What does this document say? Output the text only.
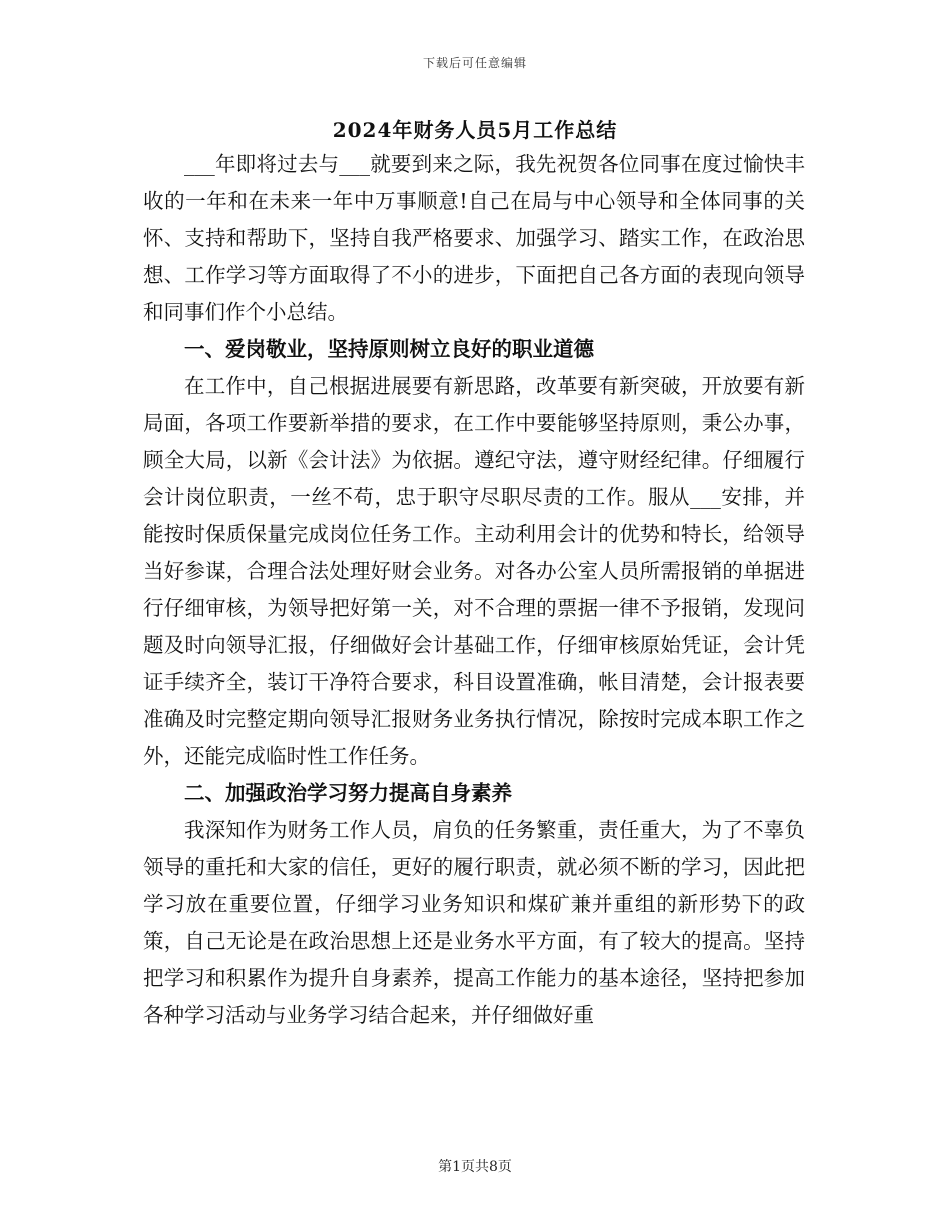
下载后可任意编辑
2024年财务人员5月工作总结

___年即将过去与___就要到来之际，我先祝贺各位同事在度过愉快丰收的一年和在未来一年中万事顺意!自己在局与中心领导和全体同事的关怀、支持和帮助下，坚持自我严格要求、加强学习、踏实工作，在政治思想、工作学习等方面取得了不小的进步，下面把自己各方面的表现向领导和同事们作个小总结。

一、爱岗敬业，坚持原则树立良好的职业道德

在工作中，自己根据进展要有新思路，改革要有新突破，开放要有新局面，各项工作要新举措的要求，在工作中要能够坚持原则，秉公办事，顾全大局，以新《会计法》为依据。遵纪守法，遵守财经纪律。仔细履行会计岗位职责，一丝不苟，忠于职守尽职尽责的工作。服从___安排，并能按时保质保量完成岗位任务工作。主动利用会计的优势和特长，给领导当好参谋，合理合法处理好财会业务。对各办公室人员所需报销的单据进行仔细审核，为领导把好第一关，对不合理的票据一律不予报销，发现问题及时向领导汇报，仔细做好会计基础工作，仔细审核原始凭证，会计凭证手续齐全，装订干净符合要求，科目设置准确，帐目清楚，会计报表要准确及时完整定期向领导汇报财务业务执行情况，除按时完成本职工作之外，还能完成临时性工作任务。

二、加强政治学习努力提高自身素养

我深知作为财务工作人员，肩负的任务繁重，责任重大，为了不辜负领导的重托和大家的信任，更好的履行职责，就必须不断的学习，因此把学习放在重要位置，仔细学习业务知识和煤矿兼并重组的新形势下的政策，自己无论是在政治思想上还是业务水平方面，有了较大的提高。坚持把学习和积累作为提升自身素养，提高工作能力的基本途径，坚持把参加各种学习活动与业务学习结合起来，并仔细做好重

第1页共8页
